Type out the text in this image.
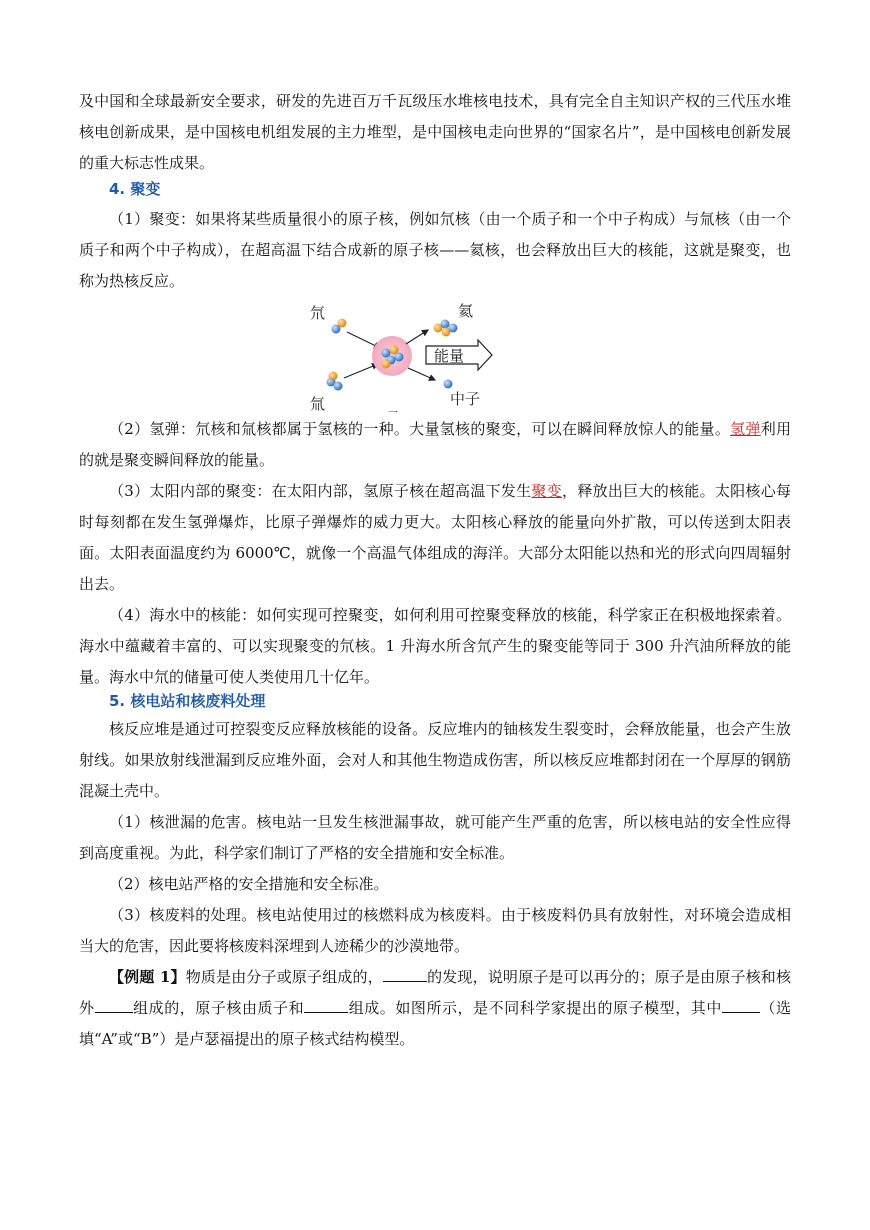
及中国和全球最新安全要求，研发的先进百万千瓦级压水堆核电技术，具有完全自主知识产权的三代压水堆核电创新成果，是中国核电机组发展的主力堆型，是中国核电走向世界的“国家名片”，是中国核电创新发展的重大标志性成果。
4. 聚变
（1）聚变：如果将某些质量很小的原子核，例如氘核（由一个质子和一个中子构成）与氚核（由一个质子和两个中子构成），在超高温下结合成新的原子核——氦核，也会释放出巨大的核能，这就是聚变，也称为热核反应。
氘
氚
氦
中子
一
能量
（2）氢弹：氘核和氚核都属于氢核的一种。大量氢核的聚变，可以在瞬间释放惊人的能量。氢弹利用的就是聚变瞬间释放的能量。
（3）太阳内部的聚变：在太阳内部，氢原子核在超高温下发生聚变，释放出巨大的核能。太阳核心每时每刻都在发生氢弹爆炸，比原子弹爆炸的威力更大。太阳核心释放的能量向外扩散，可以传送到太阳表面。太阳表面温度约为 6000℃，就像一个高温气体组成的海洋。大部分太阳能以热和光的形式向四周辐射出去。
（4）海水中的核能：如何实现可控聚变，如何利用可控聚变释放的核能，科学家正在积极地探索着。海水中蕴藏着丰富的、可以实现聚变的氘核。1 升海水所含氘产生的聚变能等同于 300 升汽油所释放的能量。海水中氘的储量可使人类使用几十亿年。
5. 核电站和核废料处理
核反应堆是通过可控裂变反应释放核能的设备。反应堆内的铀核发生裂变时，会释放能量，也会产生放射线。如果放射线泄漏到反应堆外面，会对人和其他生物造成伤害，所以核反应堆都封闭在一个厚厚的钢筋混凝土壳中。
（1）核泄漏的危害。核电站一旦发生核泄漏事故，就可能产生严重的危害，所以核电站的安全性应得到高度重视。为此，科学家们制订了严格的安全措施和安全标准。
（2）核电站严格的安全措施和安全标准。
（3）核废料的处理。核电站使用过的核燃料成为核废料。由于核废料仍具有放射性，对环境会造成相当大的危害，因此要将核废料深埋到人迹稀少的沙漠地带。
【例题 1】物质是由分子或原子组成的，	的发现，说明原子是可以再分的；原子是由原子核和核外	组成的，原子核由质子和	组成。如图所示，是不同科学家提出的原子模型，其中	（选填“A”或“B”）是卢瑟福提出的原子核式结构模型。
